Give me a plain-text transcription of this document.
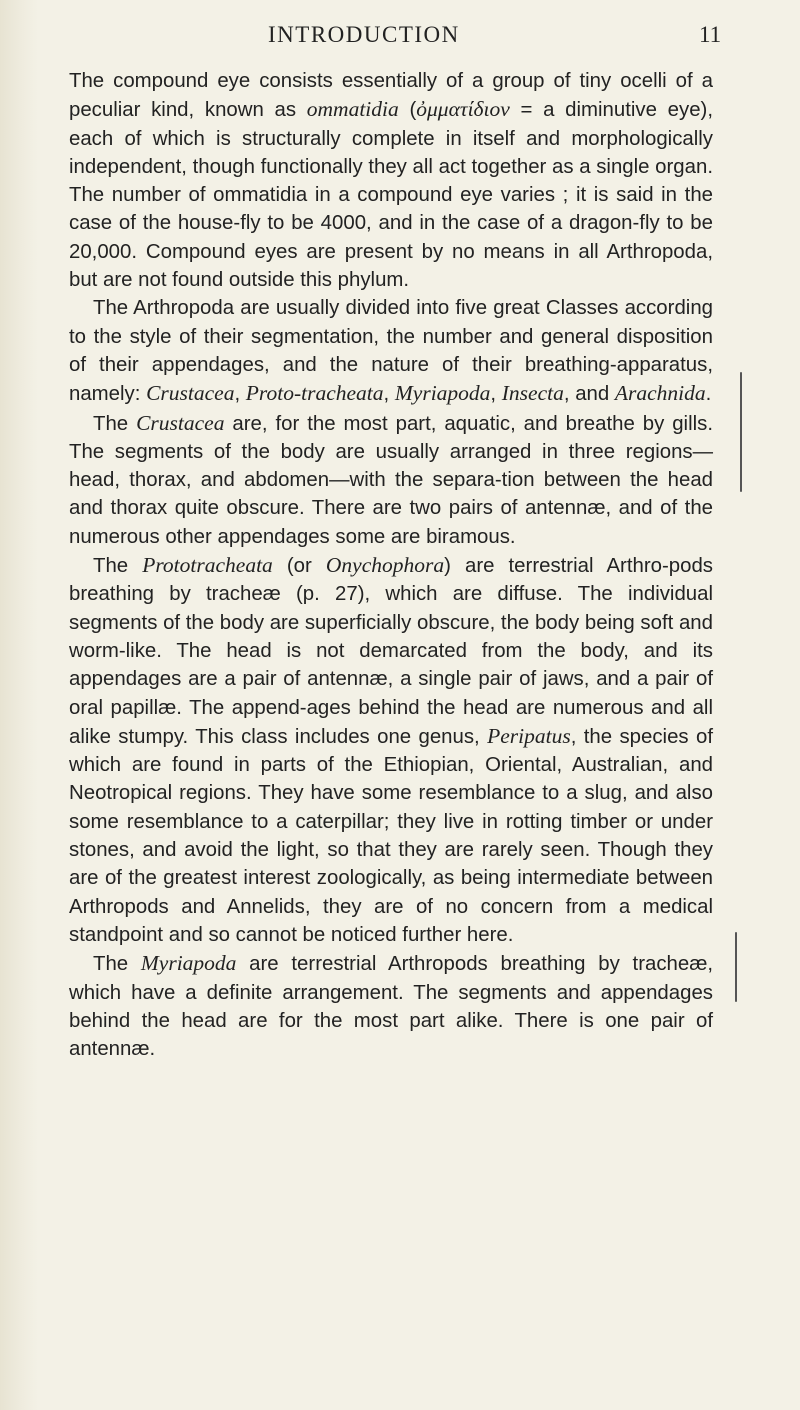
INTRODUCTION	11

The compound eye consists essentially of a group of tiny ocelli of a peculiar kind, known as ommatidia (ὀμματίδιον = a diminutive eye), each of which is structurally complete in itself and morphologically independent, though functionally they all act together as a single organ. The number of ommatidia in a compound eye varies ; it is said in the case of the house-fly to be 4000, and in the case of a dragon-fly to be 20,000. Compound eyes are present by no means in all Arthropoda, but are not found outside this phylum.

The Arthropoda are usually divided into five great Classes according to the style of their segmentation, the number and general disposition of their appendages, and the nature of their breathing-apparatus, namely: Crustacea, Proto-tracheata, Myriapoda, Insecta, and Arachnida.

The Crustacea are, for the most part, aquatic, and breathe by gills. The segments of the body are usually arranged in three regions—head, thorax, and abdomen—with the separa-tion between the head and thorax quite obscure. There are two pairs of antennæ, and of the numerous other appendages some are biramous.

The Prototracheata (or Onychophora) are terrestrial Arthro-pods breathing by tracheæ (p. 27), which are diffuse. The individual segments of the body are superficially obscure, the body being soft and worm-like. The head is not demarcated from the body, and its appendages are a pair of antennæ, a single pair of jaws, and a pair of oral papillæ. The append-ages behind the head are numerous and all alike stumpy. This class includes one genus, Peripatus, the species of which are found in parts of the Ethiopian, Oriental, Australian, and Neotropical regions. They have some resemblance to a slug, and also some resemblance to a caterpillar; they live in rotting timber or under stones, and avoid the light, so that they are rarely seen. Though they are of the greatest interest zoologically, as being intermediate between Arthropods and Annelids, they are of no concern from a medical standpoint and so cannot be noticed further here.

The Myriapoda are terrestrial Arthropods breathing by tracheæ, which have a definite arrangement. The segments and appendages behind the head are for the most part alike. There is one pair of antennæ.
